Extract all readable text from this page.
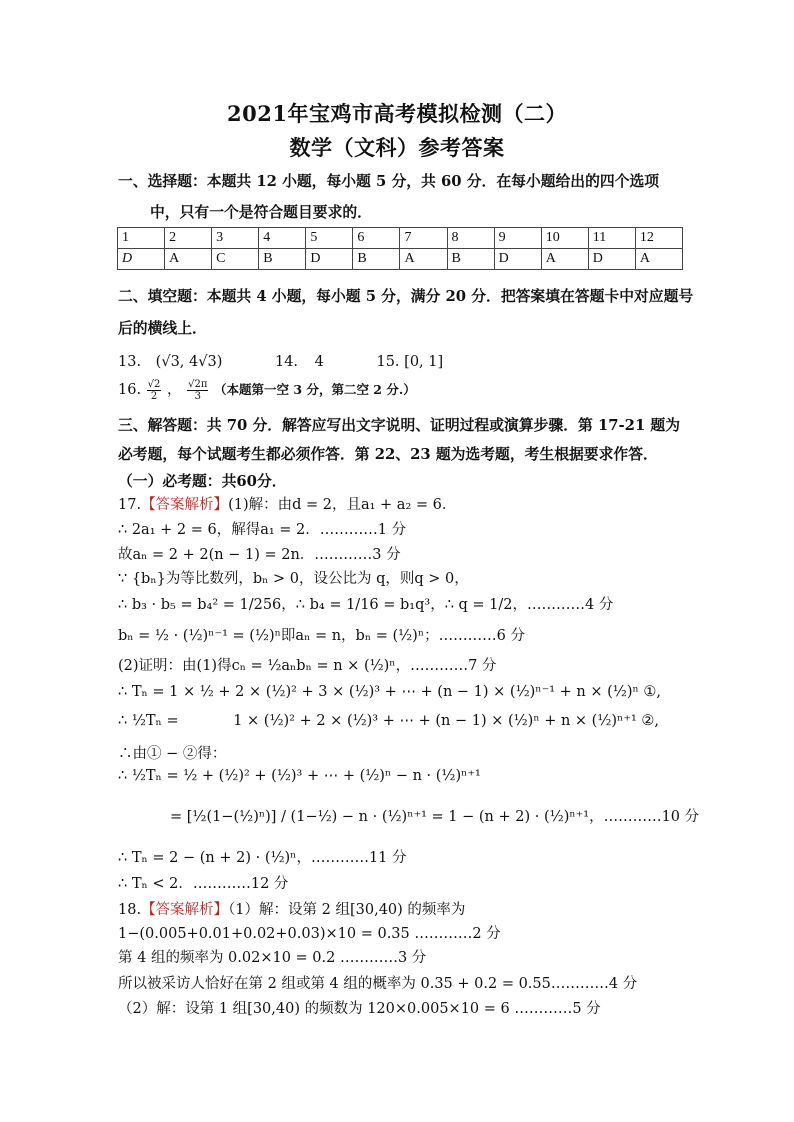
2021年宝鸡市高考模拟检测（二）
数学（文科）参考答案
一、选择题：本题共 12 小题，每小题 5 分，共 60 分．在每小题给出的四个选项
中，只有一个是符合题目要求的．
1	2	3	4	5	6	7	8	9	10	11	12
D	A	C	B	D	B	A	B	D	A	D	A
二、填空题：本题共 4 小题，每小题 5 分，满分 20 分．把答案填在答题卡中对应题号
后的横线上．
13. (√3, 4√3)	14. 4	15. [0, 1]
16. $\frac{√2}{2}$ ， $\frac{√2\pi}{3}$ （本题第一空 3 分，第二空 2 分.）
三、解答题：共 70 分．解答应写出文字说明、证明过程或演算步骤．第 17-21 题为
必考题，每个试题考生都必须作答．第 22、23 题为选考题，考生根据要求作答．
（一）必考题：共60分．
17.【答案解析】(1)解：由d = 2，且a₁ + a₂ = 6．
∴ 2a₁ + 2 = 6，解得a₁ = 2．…………1 分
故aₙ = 2 + 2(n − 1) = 2n．…………3 分
∵ {bₙ}为等比数列，bₙ > 0，设公比为 q，则q > 0，
∴ b₃ · b₅ = b₄² = 1/256，∴ b₄ = 1/16 = b₁q³，∴ q = 1/2，…………4 分
bₙ = ½ · (½)ⁿ⁻¹ = (½)ⁿ即aₙ = n，bₙ = (½)ⁿ；…………6 分
(2)证明：由(1)得cₙ = ½aₙbₙ = n × (½)ⁿ，…………7 分
∴ Tₙ = 1 × ½ + 2 × (½)² + 3 × (½)³ + ⋯ + (n − 1) × (½)ⁿ⁻¹ + n × (½)ⁿ ①,
∴ ½Tₙ =	1 × (½)² + 2 × (½)³ + ⋯ + (n − 1) × (½)ⁿ + n × (½)ⁿ⁺¹ ②,
∴由① − ②得：
∴ ½Tₙ = ½ + (½)² + (½)³ + ⋯ + (½)ⁿ − n · (½)ⁿ⁺¹
= [½(1−(½)ⁿ)] / (1−½) − n · (½)ⁿ⁺¹ = 1 − (n + 2) · (½)ⁿ⁺¹，…………10 分
∴ Tₙ = 2 − (n + 2) · (½)ⁿ，…………11 分
∴ Tₙ < 2．…………12 分
18.【答案解析】（1）解：设第 2 组[30,40) 的频率为
1−(0.005+0.01+0.02+0.03)×10 = 0.35 …………2 分
第 4 组的频率为 0.02×10 = 0.2 …………3 分
所以被采访人恰好在第 2 组或第 4 组的概率为 0.35 + 0.2 = 0.55…………4 分
（2）解：设第 1 组[30,40) 的频数为 120×0.005×10 = 6 …………5 分
